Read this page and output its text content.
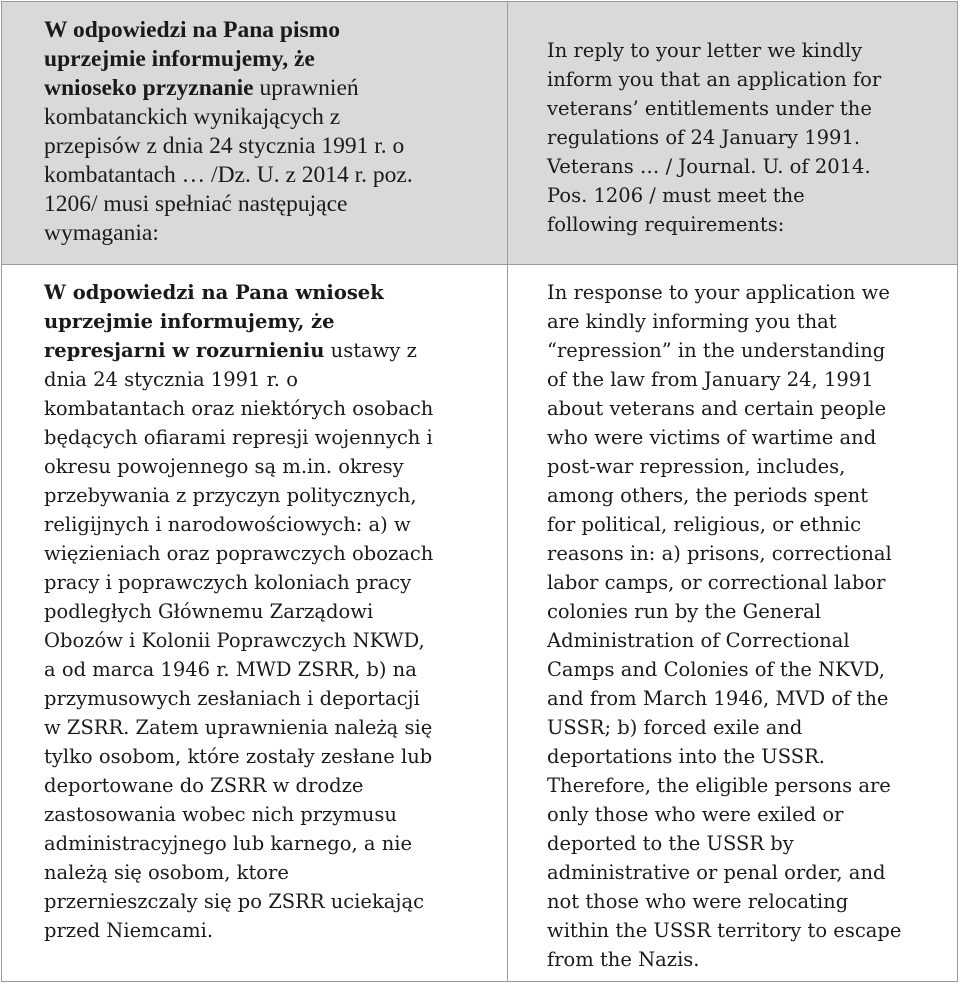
W odpowiedzi na Pana pismo
uprzejmie informujemy, że
wnioseko przyznanie uprawnień
kombatanckich wynikających z
przepisów z dnia 24 stycznia 1991 r. o
kombatantach … /Dz. U. z 2014 r. poz.
1206/ musi spełniać następujące
wymagania:
In reply to your letter we kindly
inform you that an application for
veterans’ entitlements under the
regulations of 24 January 1991.
Veterans … / Journal. U. of 2014.
Pos. 1206 / must meet the
following requirements:
W odpowiedzi na Pana wniosek
uprzejmie informujemy, że
represjarni w rozurnieniu ustawy z
dnia 24 stycznia 1991 r. o
kombatantach oraz niektórych osobach
będących ofiarami represji wojennych i
okresu powojennego są m.in. okresy
przebywania z przyczyn politycznych,
religijnych i narodowościowych: a) w
więzieniach oraz poprawczych obozach
pracy i poprawczych koloniach pracy
podległych Głównemu Zarządowi
Obozów i Kolonii Poprawczych NKWD,
a od marca 1946 r. MWD ZSRR, b) na
przymusowych zesłaniach i deportacji
w ZSRR. Zatem uprawnienia należą się
tylko osobom, które zostały zesłane lub
deportowane do ZSRR w drodze
zastosowania wobec nich przymusu
administracyjnego lub karnego, a nie
należą się osobom, ktore
przernieszczaly się po ZSRR uciekając
przed Niemcami.
In response to your application we
are kindly informing you that
“repression” in the understanding
of the law from January 24, 1991
about veterans and certain people
who were victims of wartime and
post-war repression, includes,
among others, the periods spent
for political, religious, or ethnic
reasons in: a) prisons, correctional
labor camps, or correctional labor
colonies run by the General
Administration of Correctional
Camps and Colonies of the NKVD,
and from March 1946, MVD of the
USSR; b) forced exile and
deportations into the USSR.
Therefore, the eligible persons are
only those who were exiled or
deported to the USSR by
administrative or penal order, and
not those who were relocating
within the USSR territory to escape
from the Nazis.
